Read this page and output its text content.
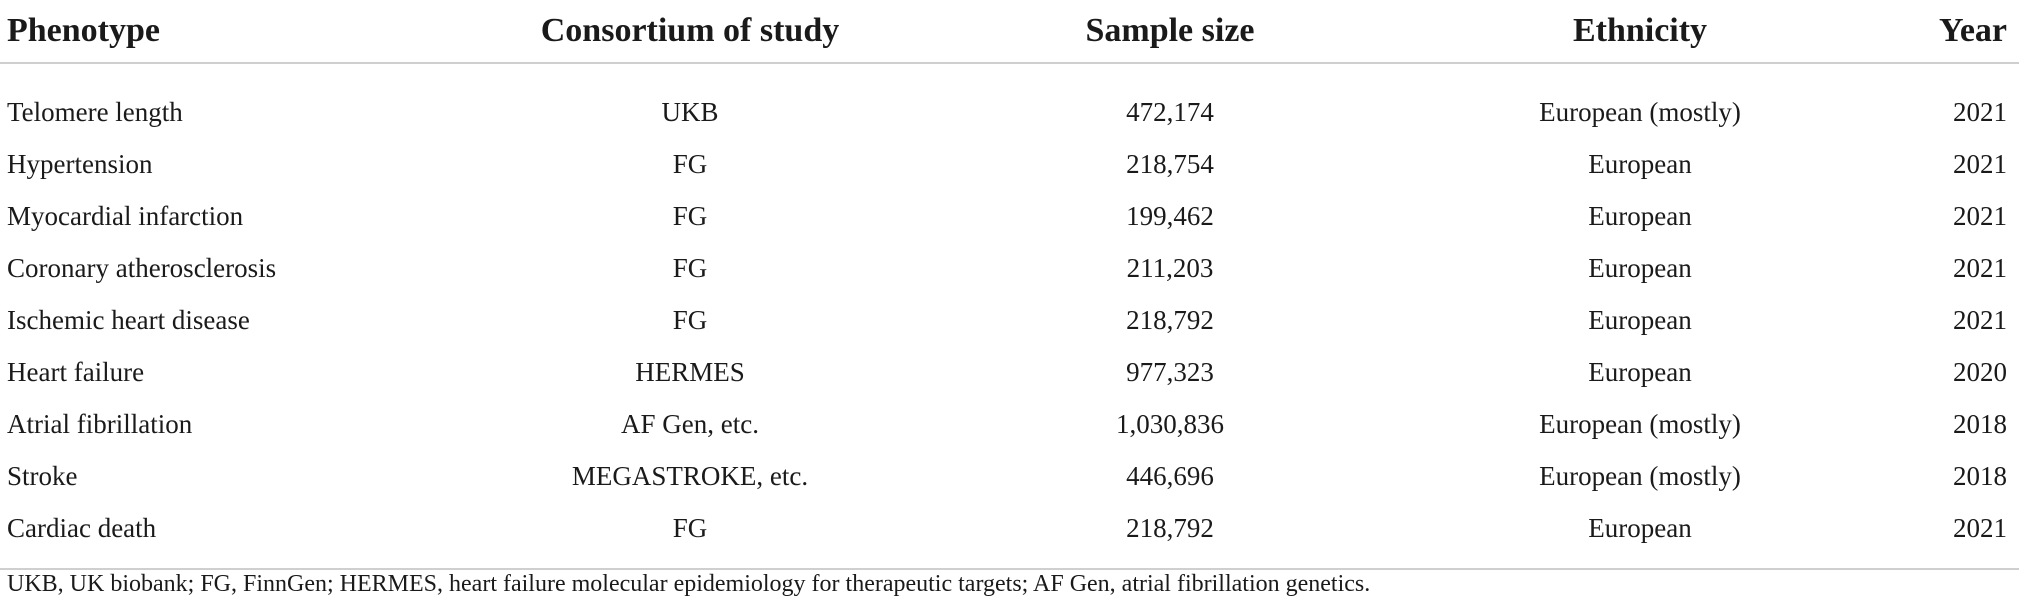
Phenotype	Consortium of study	Sample size	Ethnicity	Year
Telomere length	UKB	472,174	European (mostly)	2021
Hypertension	FG	218,754	European	2021
Myocardial infarction	FG	199,462	European	2021
Coronary atherosclerosis	FG	211,203	European	2021
Ischemic heart disease	FG	218,792	European	2021
Heart failure	HERMES	977,323	European	2020
Atrial fibrillation	AF Gen, etc.	1,030,836	European (mostly)	2018
Stroke	MEGASTROKE, etc.	446,696	European (mostly)	2018
Cardiac death	FG	218,792	European	2021
UKB, UK biobank; FG, FinnGen; HERMES, heart failure molecular epidemiology for therapeutic targets; AF Gen, atrial fibrillation genetics.
